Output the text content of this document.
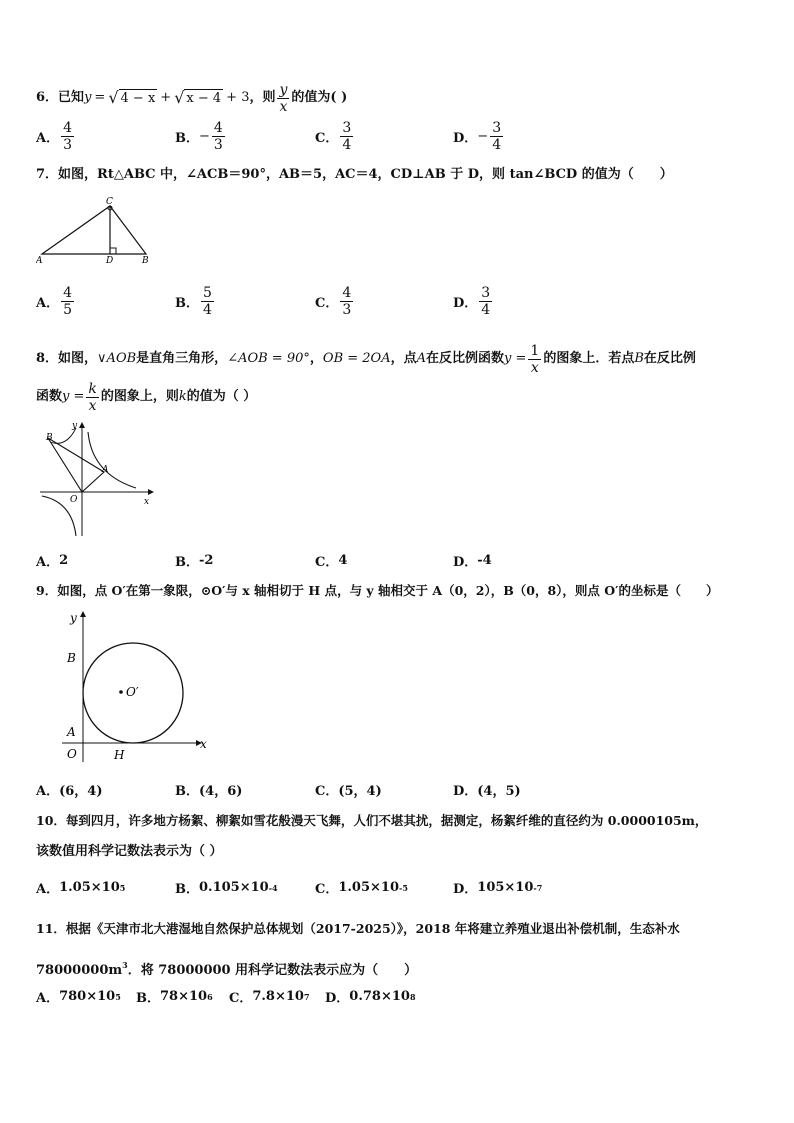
6． 已知 y = √ 4 − x + √ x − 4 + 3 ，则 $\frac{y}{x}$ 的值为( )
A． $\frac{4}{3}$	B． − $\frac{4}{3}$	C． $\frac{3}{4}$	D． − $\frac{3}{4}$
7．如图，Rt△ABC 中，∠ACB＝90°，AB＝5，AC＝4，CD⊥AB 于 D，则 tan∠BCD 的值为（　　）
C
A	D	B
A． $\frac{4}{5}$	B． $\frac{5}{4}$	C． $\frac{4}{3}$	D． $\frac{3}{4}$
8．如图， ∨AOB 是直角三角形， ∠AOB = 90° ， OB = 2OA ，点 A 在反比例函数 $y = \frac{1}{x}$ 的图象上．若点 B 在反比例
函数 $y = \frac{k}{x}$ 的图象上，则 k 的值为（ ）
y
x
B
A
O
A． 2	B． -2	C． 4	D． -4
9．如图，点 O′在第一象限，⊙O′与 x 轴相切于 H 点，与 y 轴相交于 A（0，2），B（0，8），则点 O′的坐标是（　　）
y
x
O′
B
A
O	H
A． (6，4)	B． (4，6)	C． (5，4)	D． (4，5)
10．每到四月，许多地方杨絮、柳絮如雪花般漫天飞舞，人们不堪其扰，据测定，杨絮纤维的直径约为 0.0000105m，
该数值用科学记数法表示为（ ）
A． 1.05×10 5	B． 0.105×10 -4	C． 1.05×10 -5	D． 105×10 -7
11．根据《天津市北大港湿地自然保护总体规划（2017-2025）》，2018 年将建立养殖业退出补偿机制，生态补水
$78000000m^3$．将 78000000 用科学记数法表示应为（　　）
A． 780×10 5 B． 78×10 6 C． 7.8×10 7 D． 0.78×10 8
